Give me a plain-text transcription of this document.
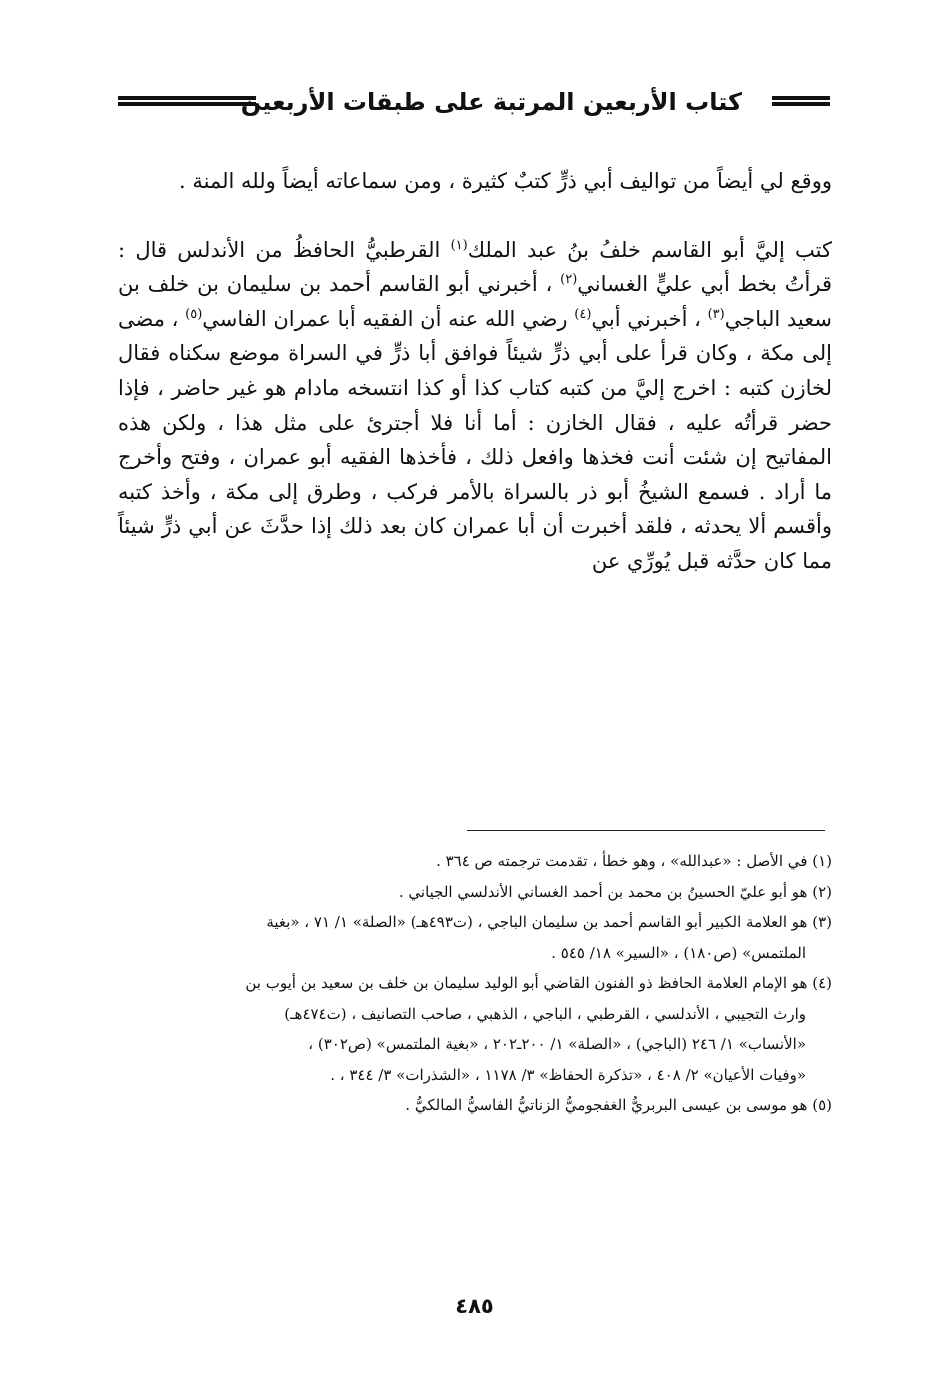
كتاب الأربعين المرتبة على طبقات الأربعين

ووقع لي أيضاً من تواليف أبي ذرٍّ كتبٌ كثيرة ، ومن سماعاته أيضاً ولله المنة .

كتب إليَّ أبو القاسم خلفُ بنُ عبد الملك$^{(١)}$ القرطبيُّ الحافظُ من الأندلس قال : قرأتُ بخط أبي عليٍّ الغساني$^{(٢)}$ ، أخبرني أبو القاسم أحمد بن سليمان بن خلف بن سعيد الباجي$^{(٣)}$ ، أخبرني أبي$^{(٤)}$ رضي الله عنه أن الفقيه أبا عمران الفاسي$^{(٥)}$ ، مضى إلى مكة ، وكان قرأ على أبي ذرٍّ شيئاً فوافق أبا ذرٍّ في السراة موضع سكناه فقال لخازن كتبه : اخرج إليَّ من كتبه كتاب كذا أو كذا انتسخه مادام هو غير حاضر ، فإذا حضر قرأتُه عليه ، فقال الخازن : أما أنا فلا أجترئ على مثل هذا ، ولكن هذه المفاتيح إن شئت أنت فخذها وافعل ذلك ، فأخذها الفقيه أبو عمران ، وفتح وأخرج ما أراد . فسمع الشيخُ أبو ذر بالسراة بالأمر فركب ، وطرق إلى مكة ، وأخذ كتبه وأقسم ألا يحدثه ، فلقد أخبرت أن أبا عمران كان بعد ذلك إذا حدَّثَ عن أبي ذرٍّ شيئاً مما كان حدَّثه قبل يُورِّي عن

(١) في الأصل : «عبدالله» ، وهو خطأ ، تقدمت ترجمته ص ٣٦٤ .

(٢) هو أبو عليّ الحسينُ بن محمد بن أحمد الغساني الأندلسي الجياني .

(٣) هو العلامة الكبير أبو القاسم أحمد بن سليمان الباجي ، (ت٤٩٣هـ) «الصلة» ١/ ٧١ ، «بغية

الملتمس» (ص١٨٠) ، «السير» ١٨/ ٥٤٥ .

(٤) هو الإمام العلامة الحافظ ذو الفنون القاضي أبو الوليد سليمان بن خلف بن سعيد بن أيوب بن

وارث التجيبي ، الأندلسي ، القرطبي ، الباجي ، الذهبي ، صاحب التصانيف ، (ت٤٧٤هـ)

«الأنساب» ١/ ٢٤٦ (الباجي) ، «الصلة» ١/ ٢٠٠ـ٢٠٢ ، «بغية الملتمس» (ص٣٠٢) ،

«وفيات الأعيان» ٢/ ٤٠٨ ، «تذكرة الحفاظ» ٣/ ١١٧٨ ، «الشذرات» ٣/ ٣٤٤ ، .

(٥) هو موسى بن عيسى البربريُّ الغفجوميُّ الزناتيُّ الفاسيُّ المالكيُّ .

٤٨٥
